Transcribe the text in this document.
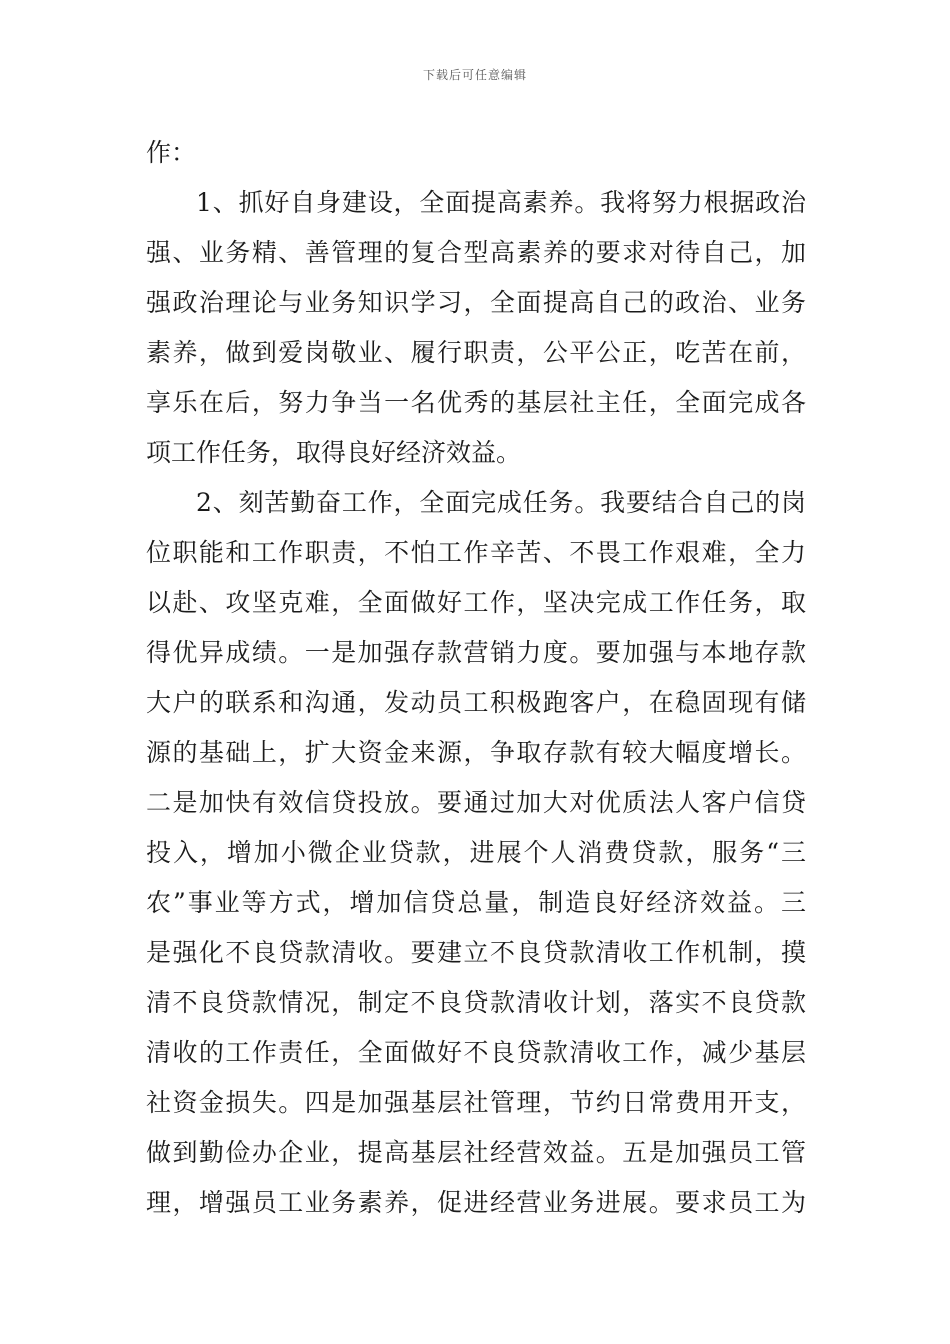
下载后可任意编辑
作：
1、抓好自身建设，全面提高素养。我将努力根据政治
强、业务精、善管理的复合型高素养的要求对待自己，加
强政治理论与业务知识学习，全面提高自己的政治、业务
素养，做到爱岗敬业、履行职责，公平公正，吃苦在前，
享乐在后，努力争当一名优秀的基层社主任，全面完成各
项工作任务，取得良好经济效益。
2、刻苦勤奋工作，全面完成任务。我要结合自己的岗
位职能和工作职责，不怕工作辛苦、不畏工作艰难，全力
以赴、攻坚克难，全面做好工作，坚决完成工作任务，取
得优异成绩。一是加强存款营销力度。要加强与本地存款
大户的联系和沟通，发动员工积极跑客户，在稳固现有储
源的基础上，扩大资金来源，争取存款有较大幅度增长。
二是加快有效信贷投放。要通过加大对优质法人客户信贷
投入，增加小微企业贷款，进展个人消费贷款，服务“三
农”事业等方式，增加信贷总量，制造良好经济效益。三
是强化不良贷款清收。要建立不良贷款清收工作机制，摸
清不良贷款情况，制定不良贷款清收计划，落实不良贷款
清收的工作责任，全面做好不良贷款清收工作，减少基层
社资金损失。四是加强基层社管理，节约日常费用开支，
做到勤俭办企业，提高基层社经营效益。五是加强员工管
理，增强员工业务素养，促进经营业务进展。要求员工为
